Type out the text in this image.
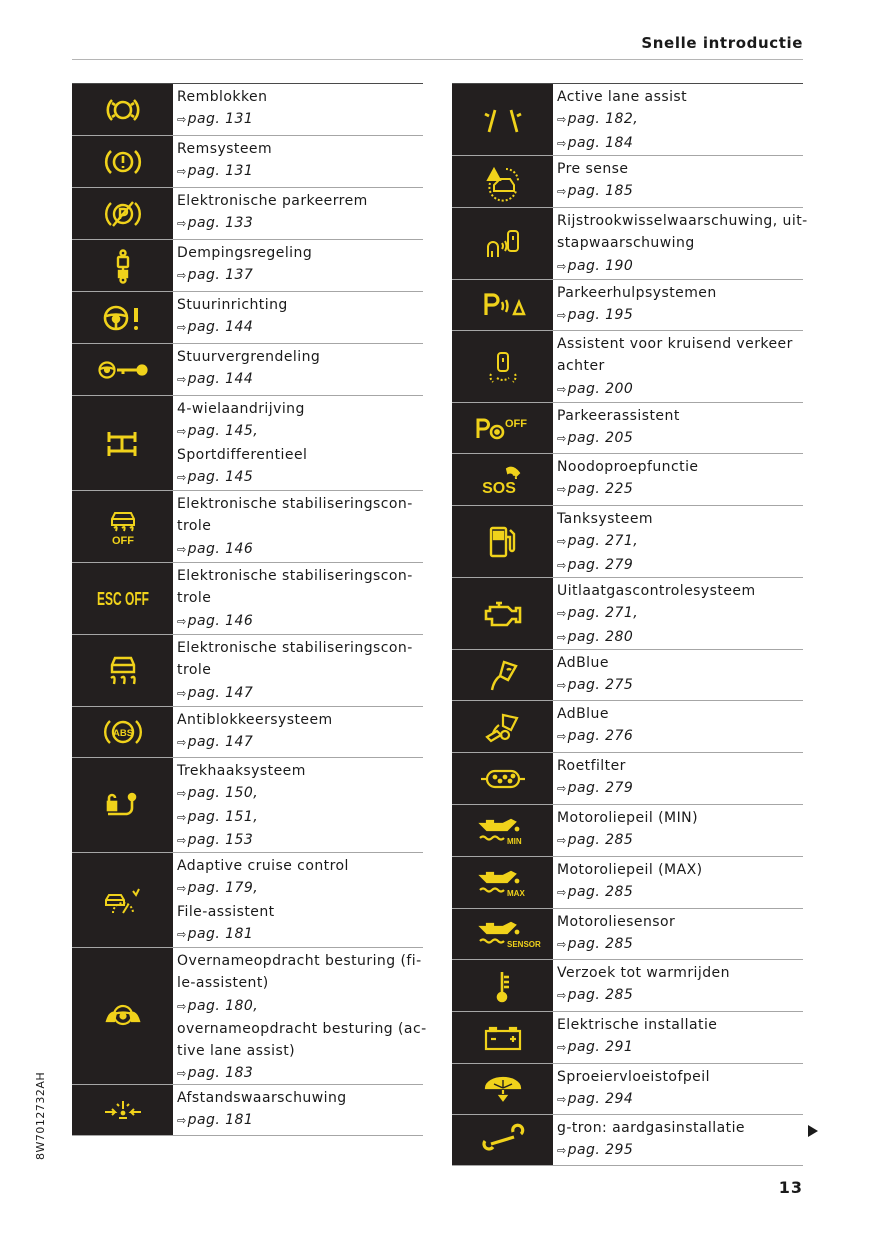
Snelle introductie
Remblokken
⇨pag. 131
Remsysteem
⇨pag. 131
Elektronische parkeerrem
⇨pag. 133
Dempingsregeling
⇨pag. 137
Stuurinrichting
⇨pag. 144
Stuurvergrendeling
⇨pag. 144
4-wielaandrijving
⇨pag. 145,
Sportdifferentieel
⇨pag. 145
OFF
Elektronische stabiliseringscon-
trole
⇨pag. 146
ESC OFF
Elektronische stabiliseringscon-
trole
⇨pag. 146
Elektronische stabiliseringscon-
trole
⇨pag. 147
ABS
Antiblokkeersysteem
⇨pag. 147
Trekhaaksysteem
⇨pag. 150,
⇨pag. 151,
⇨pag. 153
Adaptive cruise control
⇨pag. 179,
File-assistent
⇨pag. 181
Overnameopdracht besturing (fi-
le-assistent)
⇨pag. 180,
overnameopdracht besturing (ac-
tive lane assist)
⇨pag. 183
Afstandswaarschuwing
⇨pag. 181
Active lane assist
⇨pag. 182,
⇨pag. 184
Pre sense
⇨pag. 185
Rijstrookwisselwaarschuwing, uit-
stapwaarschuwing
⇨pag. 190
Parkeerhulpsystemen
⇨pag. 195
Assistent voor kruisend verkeer
achter
⇨pag. 200
OFF Parkeerassistent
⇨pag. 205
SOS
Noodoproepfunctie
⇨pag. 225
Tanksysteem
⇨pag. 271,
⇨pag. 279
Uitlaatgascontrolesysteem
⇨pag. 271,
⇨pag. 280
AdBlue
⇨pag. 275
AdBlue
⇨pag. 276
Roetfilter
⇨pag. 279
MIN
Motoroliepeil (MIN)
⇨pag. 285
MAX
Motoroliepeil (MAX)
⇨pag. 285
SENSOR
Motoroliesensor
⇨pag. 285
Verzoek tot warmrijden
⇨pag. 285
Elektrische installatie
⇨pag. 291
Sproeiervloeistofpeil
⇨pag. 294
g-tron: aardgasinstallatie
⇨pag. 295
8W7012732AH
13
